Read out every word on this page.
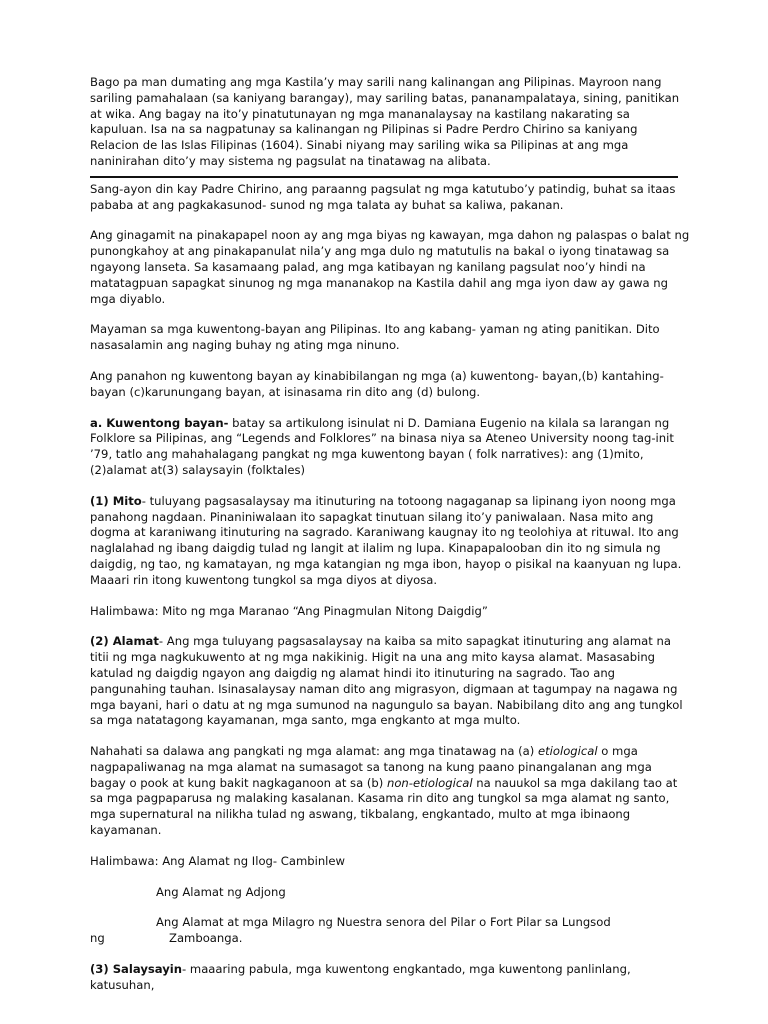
Bago pa man dumating ang mga Kastila’y may sarili nang kalinangan ang Pilipinas. Mayroon nang sariling pamahalaan (sa kaniyang barangay), may sariling batas, pananampalataya, sining, panitikan at wika. Ang bagay na ito’y pinatutunayan ng mga mananalaysay na kastilang nakarating sa kapuluan. Isa na sa nagpatunay sa kalinangan ng Pilipinas si Padre Perdro Chirino sa kaniyang Relacion de las Islas Filipinas (1604). Sinabi niyang may sariling wika sa Pilipinas at ang mga naninirahan dito’y may sistema ng pagsulat na tinatawag na alibata.

Sang-ayon din kay Padre Chirino, ang paraanng pagsulat ng mga katutubo’y patindig, buhat sa itaas pababa at ang pagkakasunod- sunod ng mga talata ay buhat sa kaliwa, pakanan.

Ang ginagamit na pinakapapel noon ay ang mga biyas ng kawayan, mga dahon ng palaspas o balat ng punongkahoy at ang pinakapanulat nila’y ang mga dulo ng matutulis na bakal o iyong tinatawag sa ngayong lanseta. Sa kasamaang palad, ang mga katibayan ng kanilang pagsulat noo’y hindi na matatagpuan sapagkat sinunog ng mga mananakop na Kastila dahil ang mga iyon daw ay gawa ng mga diyablo.

Mayaman sa mga kuwentong-bayan ang Pilipinas. Ito ang kabang- yaman ng ating panitikan. Dito nasasalamin ang naging buhay ng ating mga ninuno.

Ang panahon ng kuwentong bayan ay kinabibilangan ng mga (a) kuwentong- bayan,(b) kantahing- bayan (c)karunungang bayan, at isinasama rin dito ang (d) bulong.

a. Kuwentong bayan- batay sa artikulong isinulat ni D. Damiana Eugenio na kilala sa larangan ng Folklore sa Pilipinas, ang “Legends and Folklores” na binasa niya sa Ateneo University noong tag-init ’79, tatlo ang mahahalagang pangkat ng mga kuwentong bayan ( folk narratives): ang (1)mito, (2)alamat at(3) salaysayin (folktales)

(1) Mito- tuluyang pagsasalaysay ma itinuturing na totoong nagaganap sa lipinang iyon noong mga panahong nagdaan. Pinaniniwalaan ito sapagkat tinutuan silang ito’y paniwalaan. Nasa mito ang dogma at karaniwang itinuturing na sagrado. Karaniwang kaugnay ito ng teolohiya at rituwal. Ito ang naglalahad ng ibang daigdig tulad ng langit at ilalim ng lupa. Kinapapalooban din ito ng simula ng daigdig, ng tao, ng kamatayan, ng mga katangian ng mga ibon, hayop o pisikal na kaanyuan ng lupa. Maaari rin itong kuwentong tungkol sa mga diyos at diyosa.

Halimbawa: Mito ng mga Maranao “Ang Pinagmulan Nitong Daigdig”

(2) Alamat- Ang mga tuluyang pagsasalaysay na kaiba sa mito sapagkat itinuturing ang alamat na titii ng mga nagkukuwento at ng mga nakikinig. Higit na una ang mito kaysa alamat. Masasabing katulad ng daigdig ngayon ang daigdig ng alamat hindi ito itinuturing na sagrado. Tao ang pangunahing tauhan. Isinasalaysay naman dito ang migrasyon, digmaan at tagumpay na nagawa ng mga bayani, hari o datu at ng mga sumunod na nagungulo sa bayan. Nabibilang dito ang ang tungkol sa mga natatagong kayamanan, mga santo, mga engkanto at mga multo.

Nahahati sa dalawa ang pangkati ng mga alamat: ang mga tinatawag na (a) etiological o mga nagpapaliwanag na mga alamat na sumasagot sa tanong na kung paano pinangalanan ang mga bagay o pook at kung bakit nagkaganoon at sa (b) non-etiological na nauukol sa mga dakilang tao at sa mga pagpaparusa ng malaking kasalanan. Kasama rin dito ang tungkol sa mga alamat ng santo, mga supernatural na nilikha tulad ng aswang, tikbalang, engkantado, multo at mga ibinaong kayamanan.

Halimbawa: Ang Alamat ng Ilog- Cambinlew

Ang Alamat ng Adjong

Ang Alamat at mga Milagro ng Nuestra senora del Pilar o Fort Pilar sa Lungsod
ng	Zamboanga.

(3) Salaysayin- maaaring pabula, mga kuwentong engkantado, mga kuwentong panlinlang, katusuhan,
